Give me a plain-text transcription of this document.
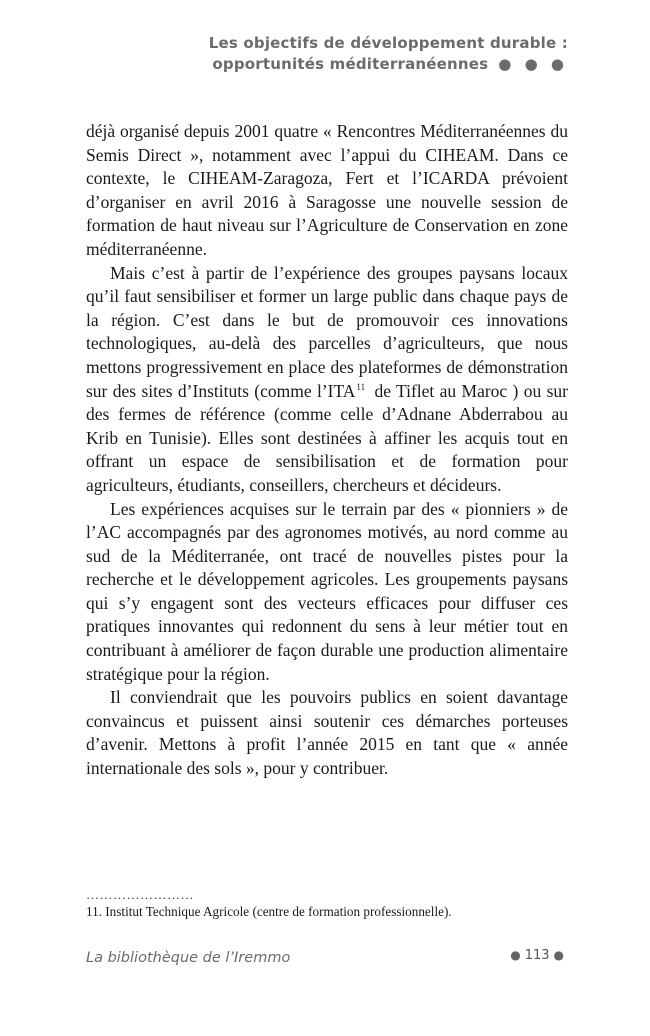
Les objectifs de développement durable :
opportunités méditerranéennes ● ● ●

déjà organisé depuis 2001 quatre « Rencontres Méditerranéennes du Semis Direct », notamment avec l’appui du CIHEAM. Dans ce contexte, le CIHEAM-Zaragoza, Fert et l’ICARDA prévoient d’organiser en avril 2016 à Saragosse une nouvelle session de formation de haut niveau sur l’Agriculture de Conservation en zone méditerranéenne.

Mais c’est à partir de l’expérience des groupes paysans locaux qu’il faut sensibiliser et former un large public dans chaque pays de la région. C’est dans le but de promouvoir ces innovations technologiques, au-delà des parcelles d’agriculteurs, que nous mettons progressivement en place des plateformes de démonstration sur des sites d’Instituts (comme l’ITA$^{11}$ de Tiflet au Maroc ) ou sur des fermes de référence (comme celle d’Adnane Abderrabou au Krib en Tunisie). Elles sont destinées à affiner les acquis tout en offrant un espace de sensibilisation et de formation pour agriculteurs, étudiants, conseillers, chercheurs et décideurs.

Les expériences acquises sur le terrain par des « pionniers » de l’AC accompagnés par des agronomes motivés, au nord comme au sud de la Méditerranée, ont tracé de nouvelles pistes pour la recherche et le développement agricoles. Les groupements paysans qui s’y engagent sont des vecteurs efficaces pour diffuser ces pratiques innovantes qui redonnent du sens à leur métier tout en contribuant à améliorer de façon durable une production alimentaire stratégique pour la région.

Il conviendrait que les pouvoirs publics en soient davantage convaincus et puissent ainsi soutenir ces démarches porteuses d’avenir. Mettons à profit l’année 2015 en tant que « année internationale des sols », pour y contribuer.

……………………
11. Institut Technique Agricole (centre de formation professionnelle).
La bibliothèque de l’Iremmo	● 113 ●
